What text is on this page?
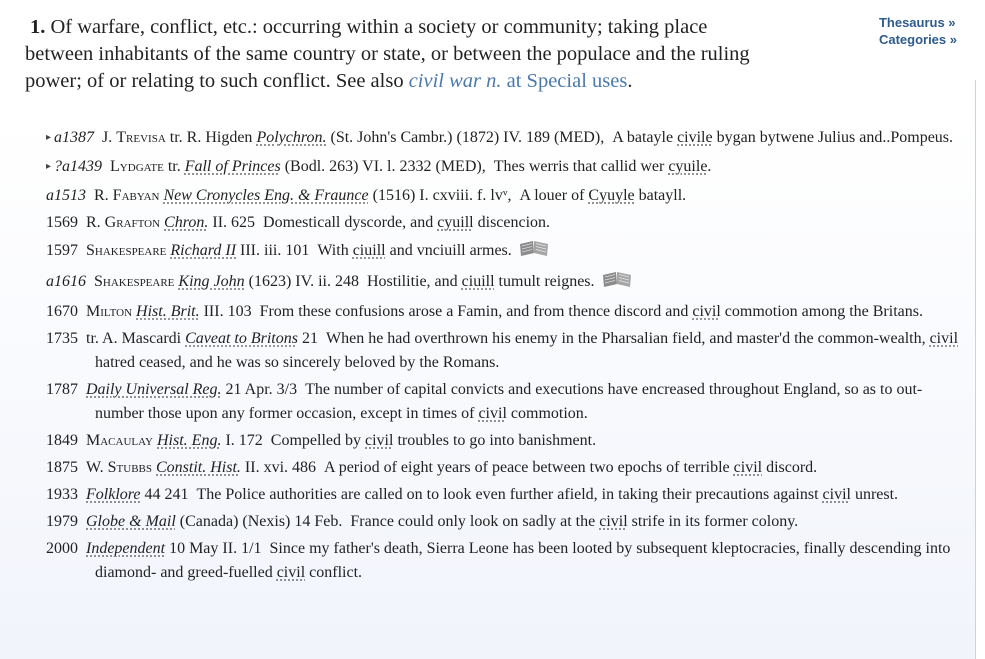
Thesaurus »
Categories »
1. Of warfare, conflict, etc.: occurring within a society or community; taking place between inhabitants of the same country or state, or between the populace and the ruling power; of or relating to such conflict. See also civil war n. at Special uses.
▸ a1387 J. Trevisa tr. R. Higden Polychron. (St. John's Cambr.) (1872) IV. 189 (MED), A batayle civile bygan bytwene Julius and..Pompeus.
▸ ?a1439 Lydgate tr. Fall of Princes (Bodl. 263) VI. l. 2332 (MED), Thes werris that callid wer cyuile.
a1513 R. Fabyan New Cronycles Eng. & Fraunce (1516) I. cxviii. f. lvᵛ, A louer of Cyuyle batayll.
1569 R. Grafton Chron. II. 625 Domesticall dyscorde, and cyuill discencion.
1597 Shakespeare Richard II III. iii. 101 With ciuill and vnciuill armes.
a1616 Shakespeare King John (1623) IV. ii. 248 Hostilitie, and ciuill tumult reignes.
1670 Milton Hist. Brit. III. 103 From these confusions arose a Famin, and from thence discord and civil commotion among the Britans.
1735 tr. A. Mascardi Caveat to Britons 21 When he had overthrown his enemy in the Pharsalian field, and master'd the common-wealth, civil hatred ceased, and he was so sincerely beloved by the Romans.
1787 Daily Universal Reg. 21 Apr. 3/3 The number of capital convicts and executions have encreased throughout England, so as to out-number those upon any former occasion, except in times of civil commotion.
1849 Macaulay Hist. Eng. I. 172 Compelled by civil troubles to go into banishment.
1875 W. Stubbs Constit. Hist. II. xvi. 486 A period of eight years of peace between two epochs of terrible civil discord.
1933 Folklore 44 241 The Police authorities are called on to look even further afield, in taking their precautions against civil unrest.
1979 Globe & Mail (Canada) (Nexis) 14 Feb. France could only look on sadly at the civil strife in its former colony.
2000 Independent 10 May II. 1/1 Since my father's death, Sierra Leone has been looted by subsequent kleptocracies, finally descending into diamond- and greed-fuelled civil conflict.
